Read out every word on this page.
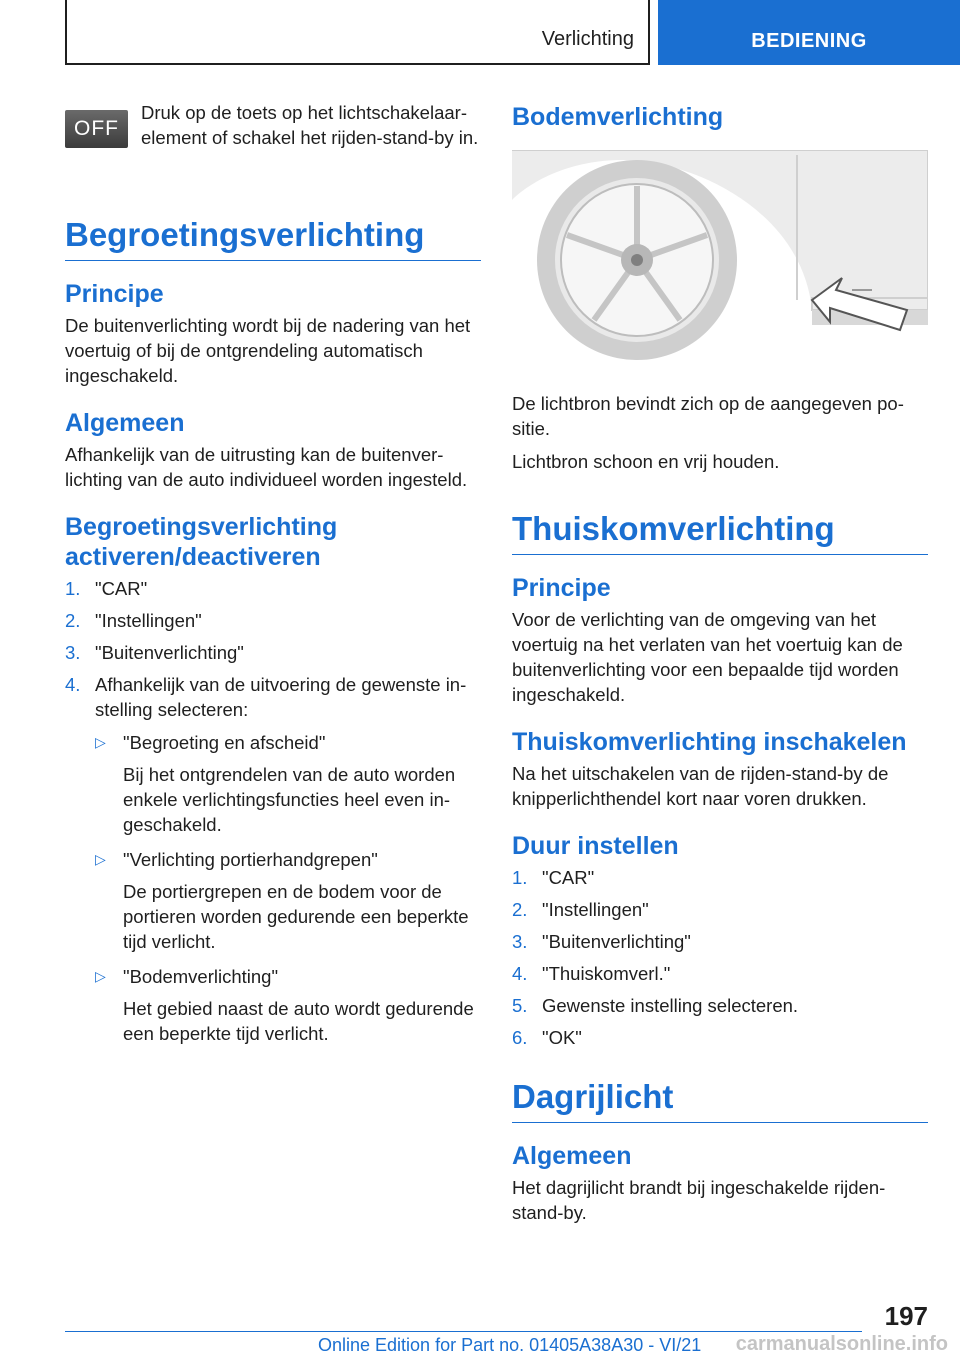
Verlichting	BEDIENING
OFF

Druk op de toets op het lichtschakelaarelement of schakel het rijden-stand-by in.

Begroetingsverlichting
Principe

De buitenverlichting wordt bij de nadering van het voertuig of bij de ontgrendeling automatisch ingeschakeld.

Algemeen

Afhankelijk van de uitrusting kan de buitenverlichting van de auto individueel worden ingesteld.

Begroetingsverlichting activeren/deactiveren
1. "CAR"
2. "Instellingen"
3. "Buitenverlichting"
4. Afhankelijk van de uitvoering de gewenste instelling selecteren:
▷ "Begroeting en afscheid"
Bij het ontgrendelen van de auto worden enkele verlichtingsfuncties heel even ingeschakeld.
▷ "Verlichting portierhandgrepen"
De portiergrepen en de bodem voor de portieren worden gedurende een beperkte tijd verlicht.
▷ "Bodemverlichting"
Het gebied naast de auto wordt gedurende een beperkte tijd verlicht.
Bodemverlichting

De lichtbron bevindt zich op de aangegeven positie.

Lichtbron schoon en vrij houden.

Thuiskomverlichting
Principe

Voor de verlichting van de omgeving van het voertuig na het verlaten van het voertuig kan de buitenverlichting voor een bepaalde tijd worden ingeschakeld.

Thuiskomverlichting inschakelen

Na het uitschakelen van de rijden-stand-by de knipperlichthendel kort naar voren drukken.

Duur instellen
1. "CAR"
2. "Instellingen"
3. "Buitenverlichting"
4. "Thuiskomverl."
5. Gewenste instelling selecteren.
6. "OK"
Dagrijlicht
Algemeen

Het dagrijlicht brandt bij ingeschakelde rijdenstand-by.

197
Online Edition for Part no. 01405A38A30 - VI/21 carmanualsonline.info
